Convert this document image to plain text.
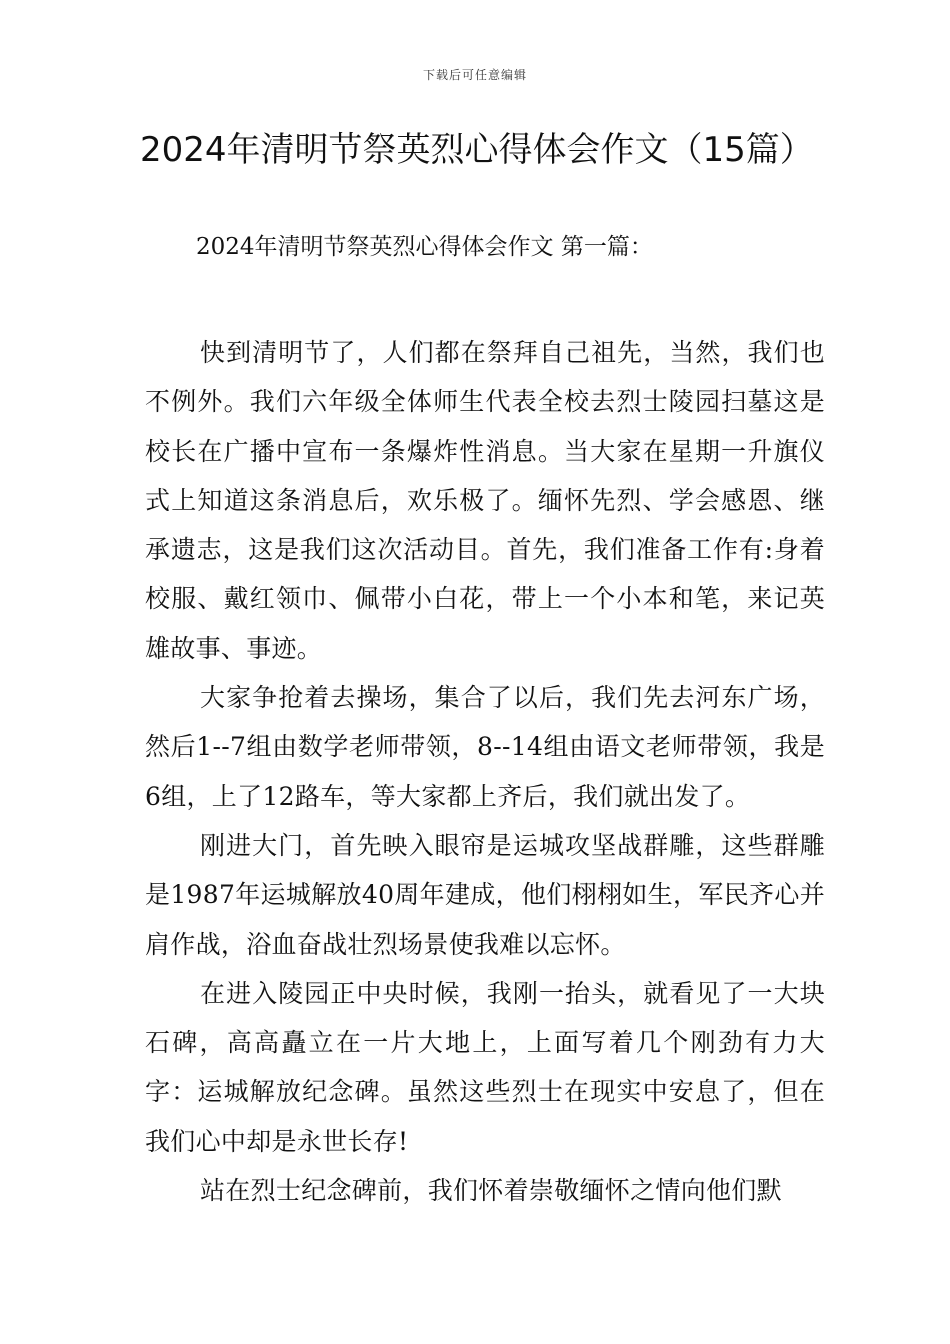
下载后可任意编辑
2024年清明节祭英烈心得体会作文（15篇）

2024年清明节祭英烈心得体会作文 第一篇：

快到清明节了，人们都在祭拜自己祖先，当然，我们也不例外。我们六年级全体师生代表全校去烈士陵园扫墓这是校长在广播中宣布一条爆炸性消息。当大家在星期一升旗仪式上知道这条消息后，欢乐极了。缅怀先烈、学会感恩、继承遗志，这是我们这次活动目。首先，我们准备工作有:身着校服、戴红领巾、佩带小白花，带上一个小本和笔，来记英雄故事、事迹。

大家争抢着去操场，集合了以后，我们先去河东广场，然后1--7组由数学老师带领，8--14组由语文老师带领，我是6组，上了12路车，等大家都上齐后，我们就出发了。

刚进大门，首先映入眼帘是运城攻坚战群雕，这些群雕是1987年运城解放40周年建成，他们栩栩如生，军民齐心并肩作战，浴血奋战壮烈场景使我难以忘怀。

在进入陵园正中央时候，我刚一抬头，就看见了一大块石碑，高高矗立在一片大地上，上面写着几个刚劲有力大字：运城解放纪念碑。虽然这些烈士在现实中安息了，但在我们心中却是永世长存!

站在烈士纪念碑前，我们怀着崇敬缅怀之情向他们默
